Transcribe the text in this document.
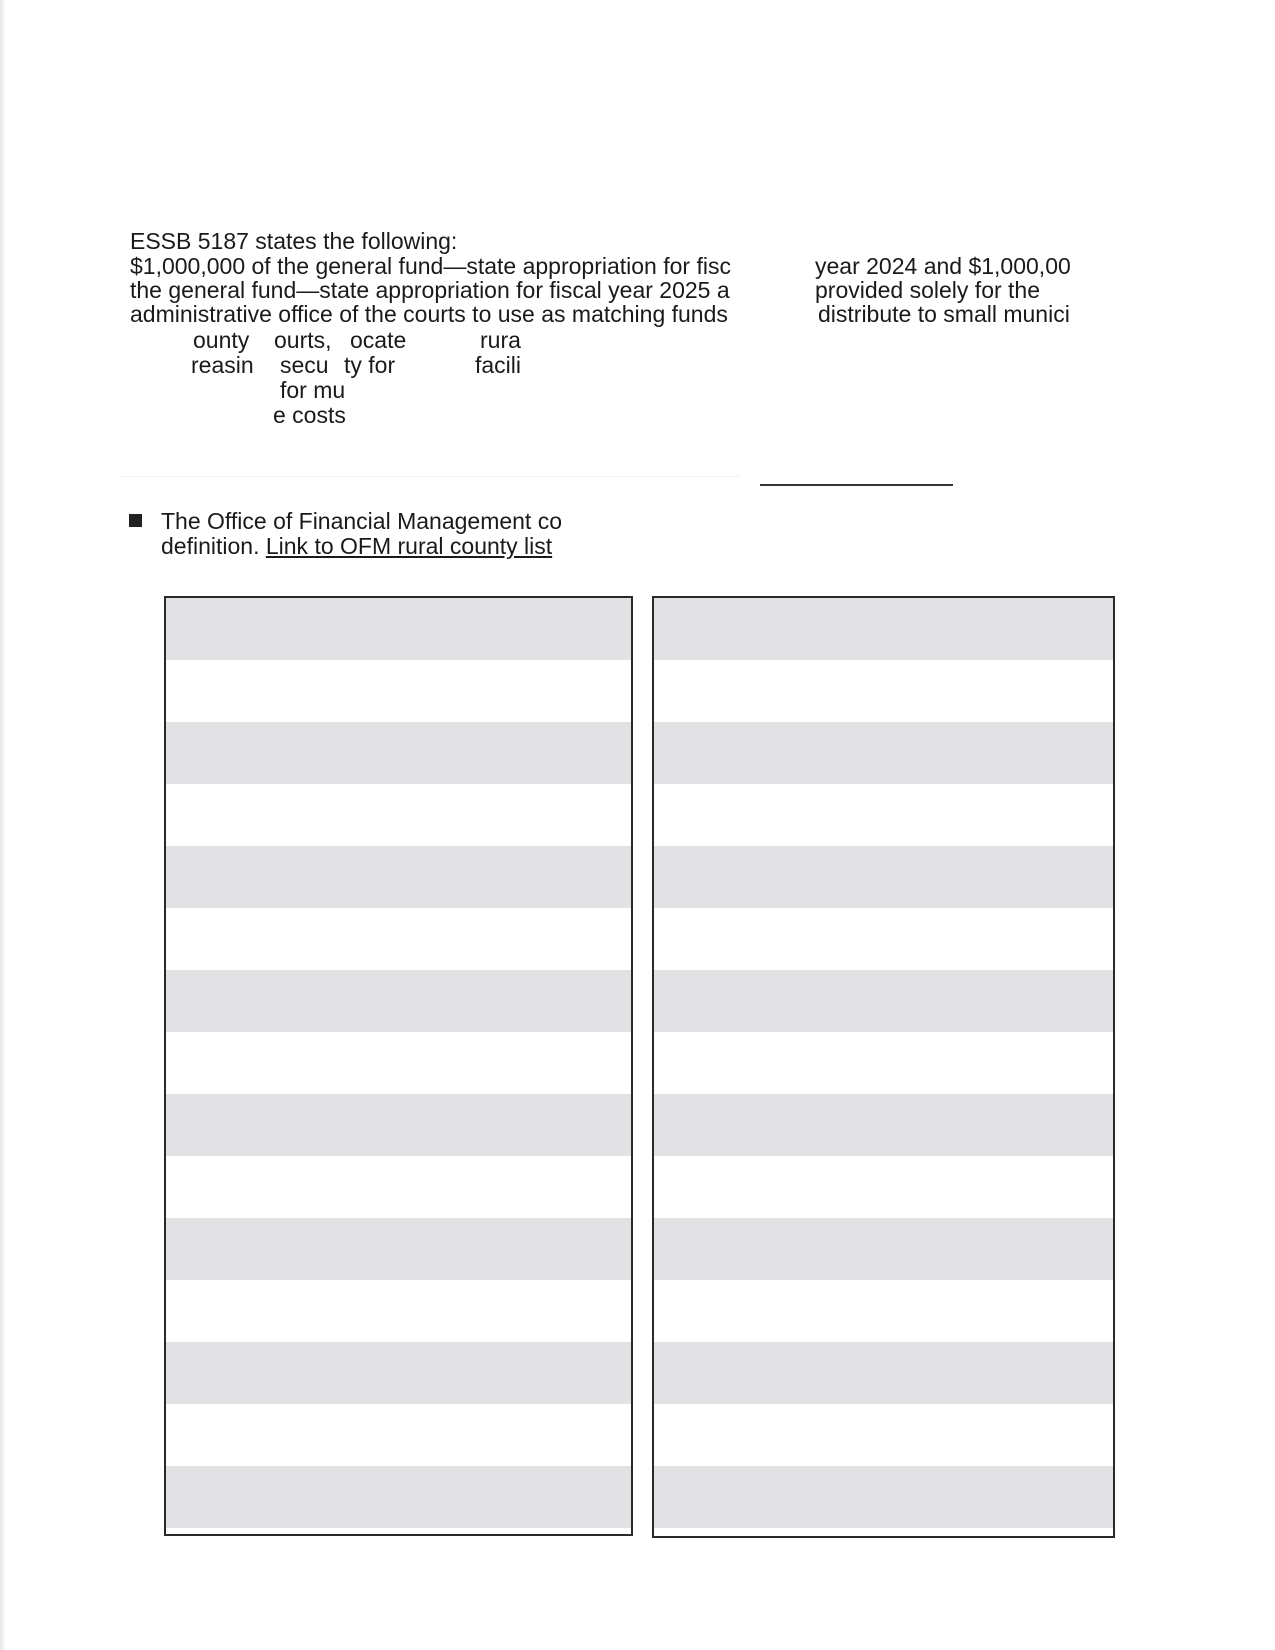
ESSB 5187 states the following:
$1,000,000 of the general fund—state appropriation for fisc
the general fund—state appropriation for fiscal year 2025 a
administrative office of the courts to use as matching funds
year 2024 and $1,000,00
provided solely for the
distribute to small munici
ounty ourts, ocate	rura
reasin secu ty for	facili
for mu
e costs
The Office of Financial Management co
definition. Link to OFM rural county list
